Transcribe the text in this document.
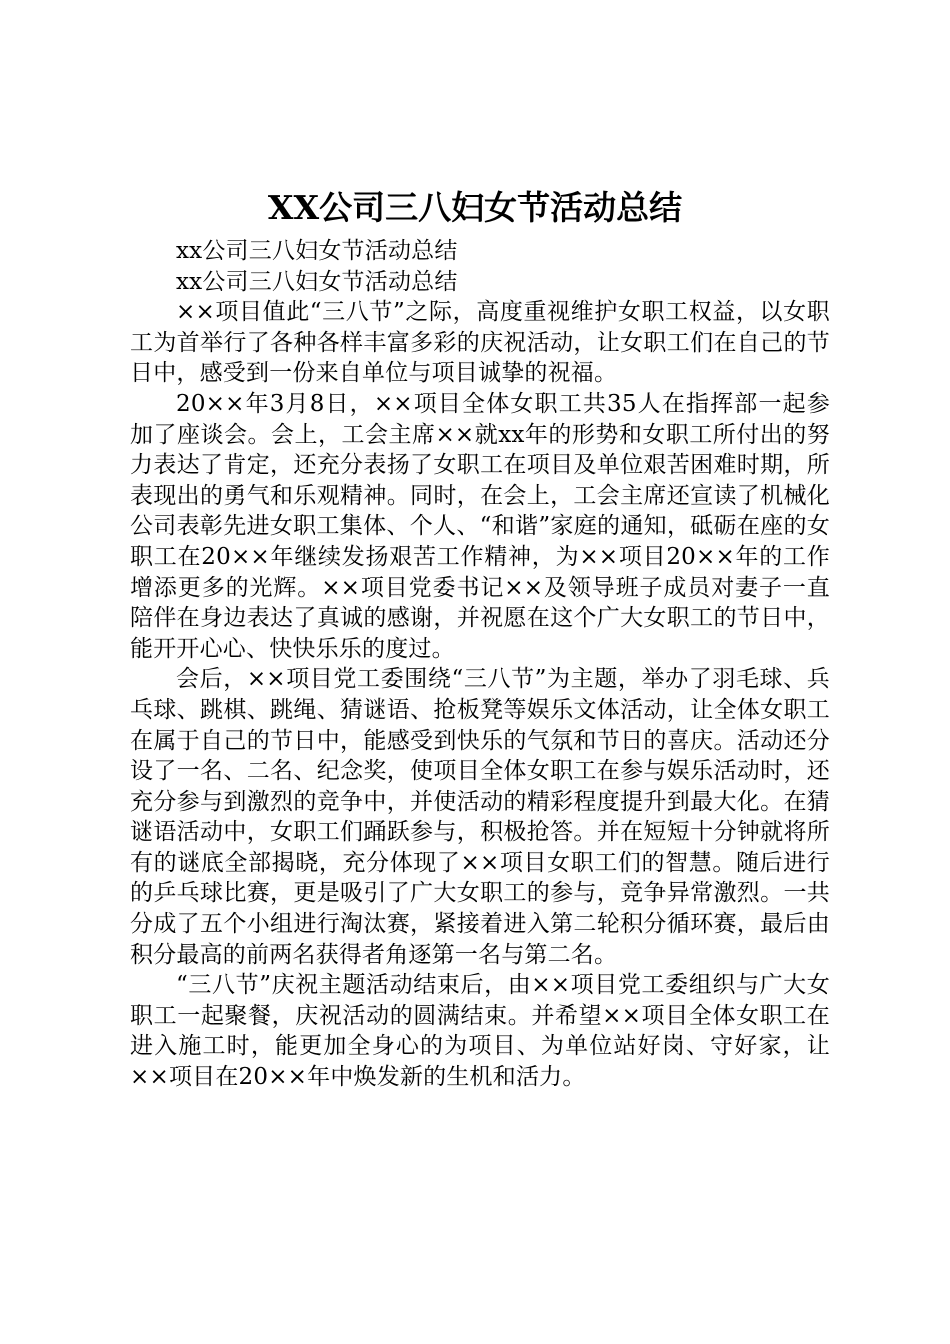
XX公司三八妇女节活动总结

xx公司三八妇女节活动总结

xx公司三八妇女节活动总结

××项目值此“三八节”之际，高度重视维护女职工权益，以女职工为首举行了各种各样丰富多彩的庆祝活动，让女职工们在自己的节日中，感受到一份来自单位与项目诚挚的祝福。

20××年3月8日，××项目全体女职工共35人在指挥部一起参加了座谈会。会上，工会主席××就xx年的形势和女职工所付出的努力表达了肯定，还充分表扬了女职工在项目及单位艰苦困难时期，所表现出的勇气和乐观精神。同时，在会上，工会主席还宣读了机械化公司表彰先进女职工集体、个人、“和谐”家庭的通知，砥砺在座的女职工在20××年继续发扬艰苦工作精神，为××项目20××年的工作增添更多的光辉。××项目党委书记××及领导班子成员对妻子一直陪伴在身边表达了真诚的感谢，并祝愿在这个广大女职工的节日中，能开开心心、快快乐乐的度过。

会后，××项目党工委围绕“三八节”为主题，举办了羽毛球、兵乓球、跳棋、跳绳、猜谜语、抢板凳等娱乐文体活动，让全体女职工在属于自己的节日中，能感受到快乐的气氛和节日的喜庆。活动还分设了一名、二名、纪念奖，使项目全体女职工在参与娱乐活动时，还充分参与到激烈的竞争中，并使活动的精彩程度提升到最大化。在猜谜语活动中，女职工们踊跃参与，积极抢答。并在短短十分钟就将所有的谜底全部揭晓，充分体现了××项目女职工们的智慧。随后进行的乒乓球比赛，更是吸引了广大女职工的参与，竞争异常激烈。一共分成了五个小组进行淘汰赛，紧接着进入第二轮积分循环赛，最后由积分最高的前两名获得者角逐第一名与第二名。

“三八节”庆祝主题活动结束后，由××项目党工委组织与广大女职工一起聚餐，庆祝活动的圆满结束。并希望××项目全体女职工在进入施工时，能更加全身心的为项目、为单位站好岗、守好家，让××项目在20××年中焕发新的生机和活力。
